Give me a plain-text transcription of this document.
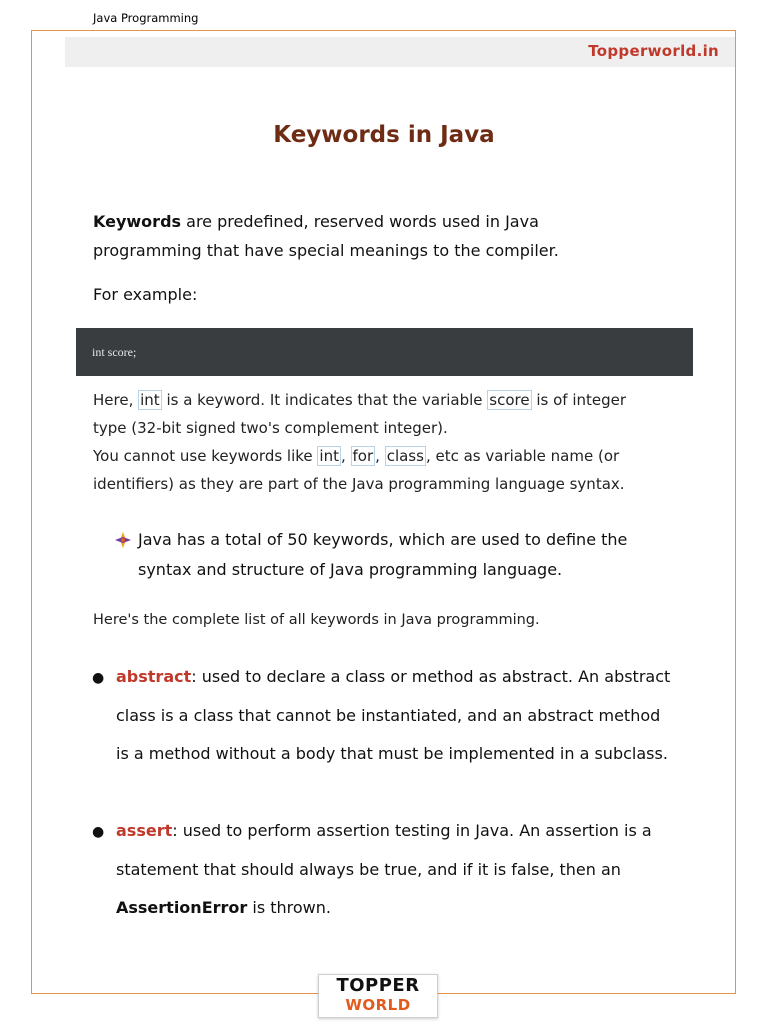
Java Programming
Topperworld.in
Keywords in Java
Keywords are predefined, reserved words used in Java
programming that have special meanings to the compiler.
For example:
int score;
Here, int is a keyword. It indicates that the variable score is of integer
type (32-bit signed two's complement integer).
You cannot use keywords like int , for , class , etc as variable name (or
identifiers) as they are part of the Java programming language syntax.
Java has a total of 50 keywords, which are used to define the syntax and structure of Java programming language.
Here's the complete list of all keywords in Java programming.
● abstract: used to declare a class or method as abstract. An abstract class is a class that cannot be instantiated, and an abstract method is a method without a body that must be implemented in a subclass.
● assert: used to perform assertion testing in Java. An assertion is a statement that should always be true, and if it is false, then an AssertionError is thrown.
TOPPER
WORLD
